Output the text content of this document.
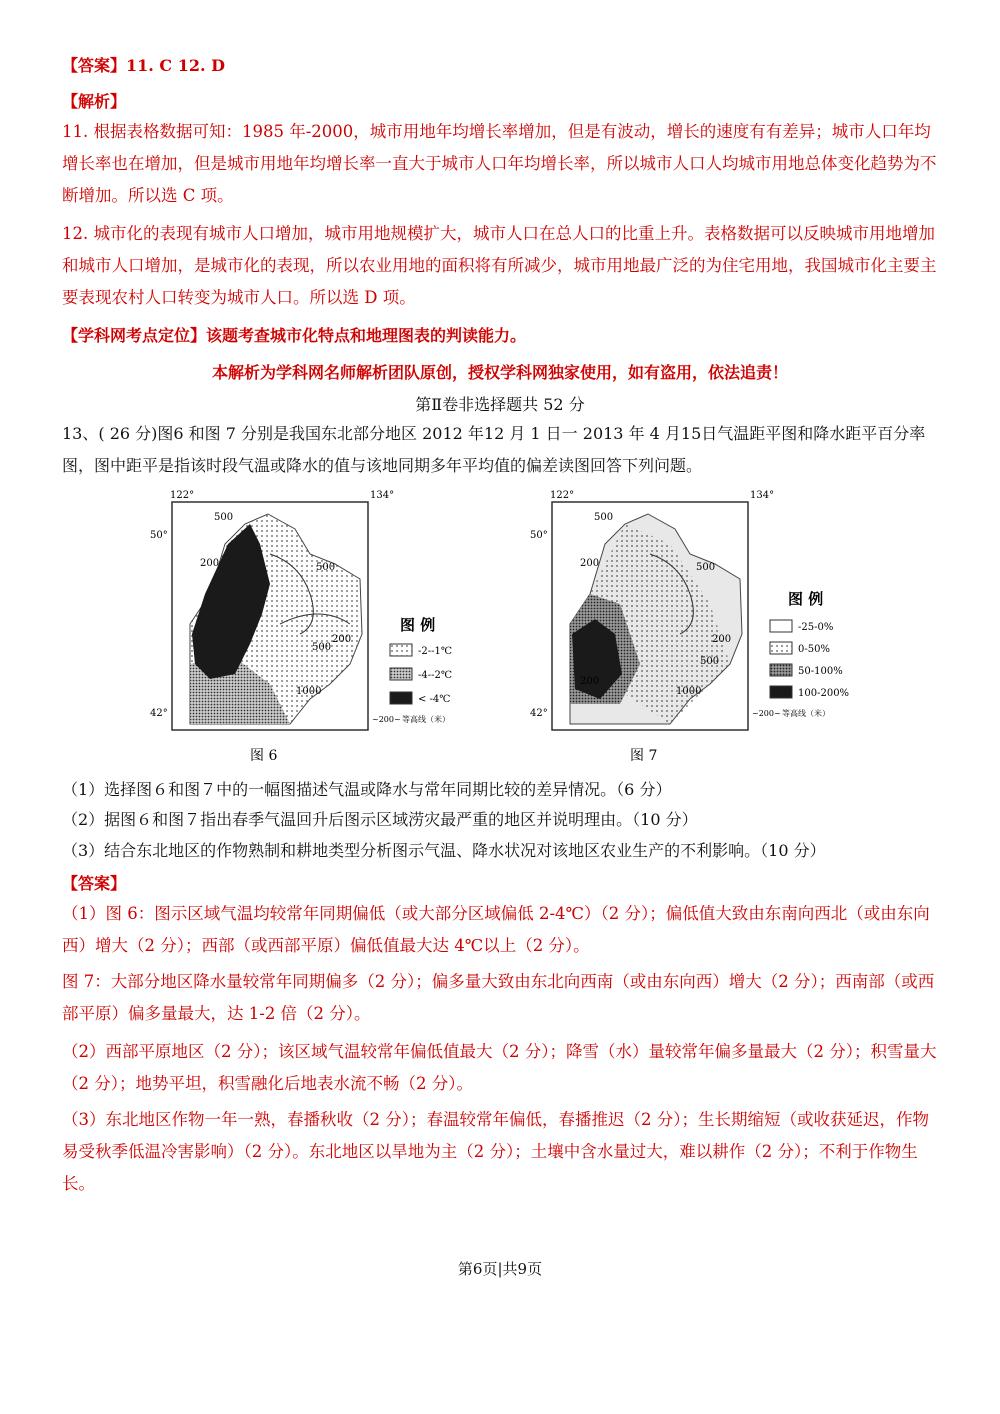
【答案】11. C 12. D
【解析】
11. 根据表格数据可知：1985 年-2000，城市用地年均增长率增加，但是有波动，增长的速度有有差异；城市人口年均增长率也在增加，但是城市用地年均增长率一直大于城市人口年均增长率，所以城市人口人均城市用地总体变化趋势为不断增加。所以选 C 项。
12. 城市化的表现有城市人口增加，城市用地规模扩大，城市人口在总人口的比重上升。表格数据可以反映城市用地增加和城市人口增加，是城市化的表现，所以农业用地的面积将有所减少，城市用地最广泛的为住宅用地，我国城市化主要主要表现农村人口转变为城市人口。所以选 D 项。
【学科网考点定位】该题考查城市化特点和地理图表的判读能力。
本解析为学科网名师解析团队原创，授权学科网独家使用，如有盗用，依法追责！
第Ⅱ卷非选择题共 52 分
13、( 26 分)图6 和图 7 分别是我国东北部分地区 2012 年12 月 1 日一 2013 年 4 月15日气温距平图和降水距平百分率图，图中距平是指该时段气温或降水的值与该地同期多年平均值的偏差读图回答下列问题。
122°	134°
50°
42°
500
200	500
200
500
1000
图 例
-2--1℃
-4--2℃
< -4℃
~200~ 等高线（米）
图 6
122°	134°
50°
42°
200
500
500
200
500
200
1000
图 例
-25-0%
0-50%
50-100%
100-200%
~200~ 等高线（米）
图 7
（1）选择图６和图７中的一幅图描述气温或降水与常年同期比较的差异情况。（6 分）
（2）据图６和图７指出春季气温回升后图示区域涝灾最严重的地区并说明理由。（10 分）
（3）结合东北地区的作物熟制和耕地类型分析图示气温、降水状况对该地区农业生产的不利影响。（10 分）
【答案】
（1）图 6：图示区域气温均较常年同期偏低（或大部分区域偏低 2-4℃）（2 分）；偏低值大致由东南向西北（或由东向西）增大（2 分）；西部（或西部平原）偏低值最大达 4℃以上（2 分）。
图 7：大部分地区降水量较常年同期偏多（2 分）；偏多量大致由东北向西南（或由东向西）增大（2 分）；西南部（或西部平原）偏多量最大，达 1-2 倍（2 分）。
（2）西部平原地区（2 分）；该区域气温较常年偏低值最大（2 分）；降雪（水）量较常年偏多量最大（2 分）；积雪量大（2 分）；地势平坦，积雪融化后地表水流不畅（2 分）。
（3）东北地区作物一年一熟，春播秋收（2 分）；春温较常年偏低，春播推迟（2 分）；生长期缩短（或收获延迟，作物易受秋季低温冷害影响）（2 分）。东北地区以旱地为主（2 分）；土壤中含水量过大，难以耕作（2 分）；不利于作物生长。
第6页|共9页
